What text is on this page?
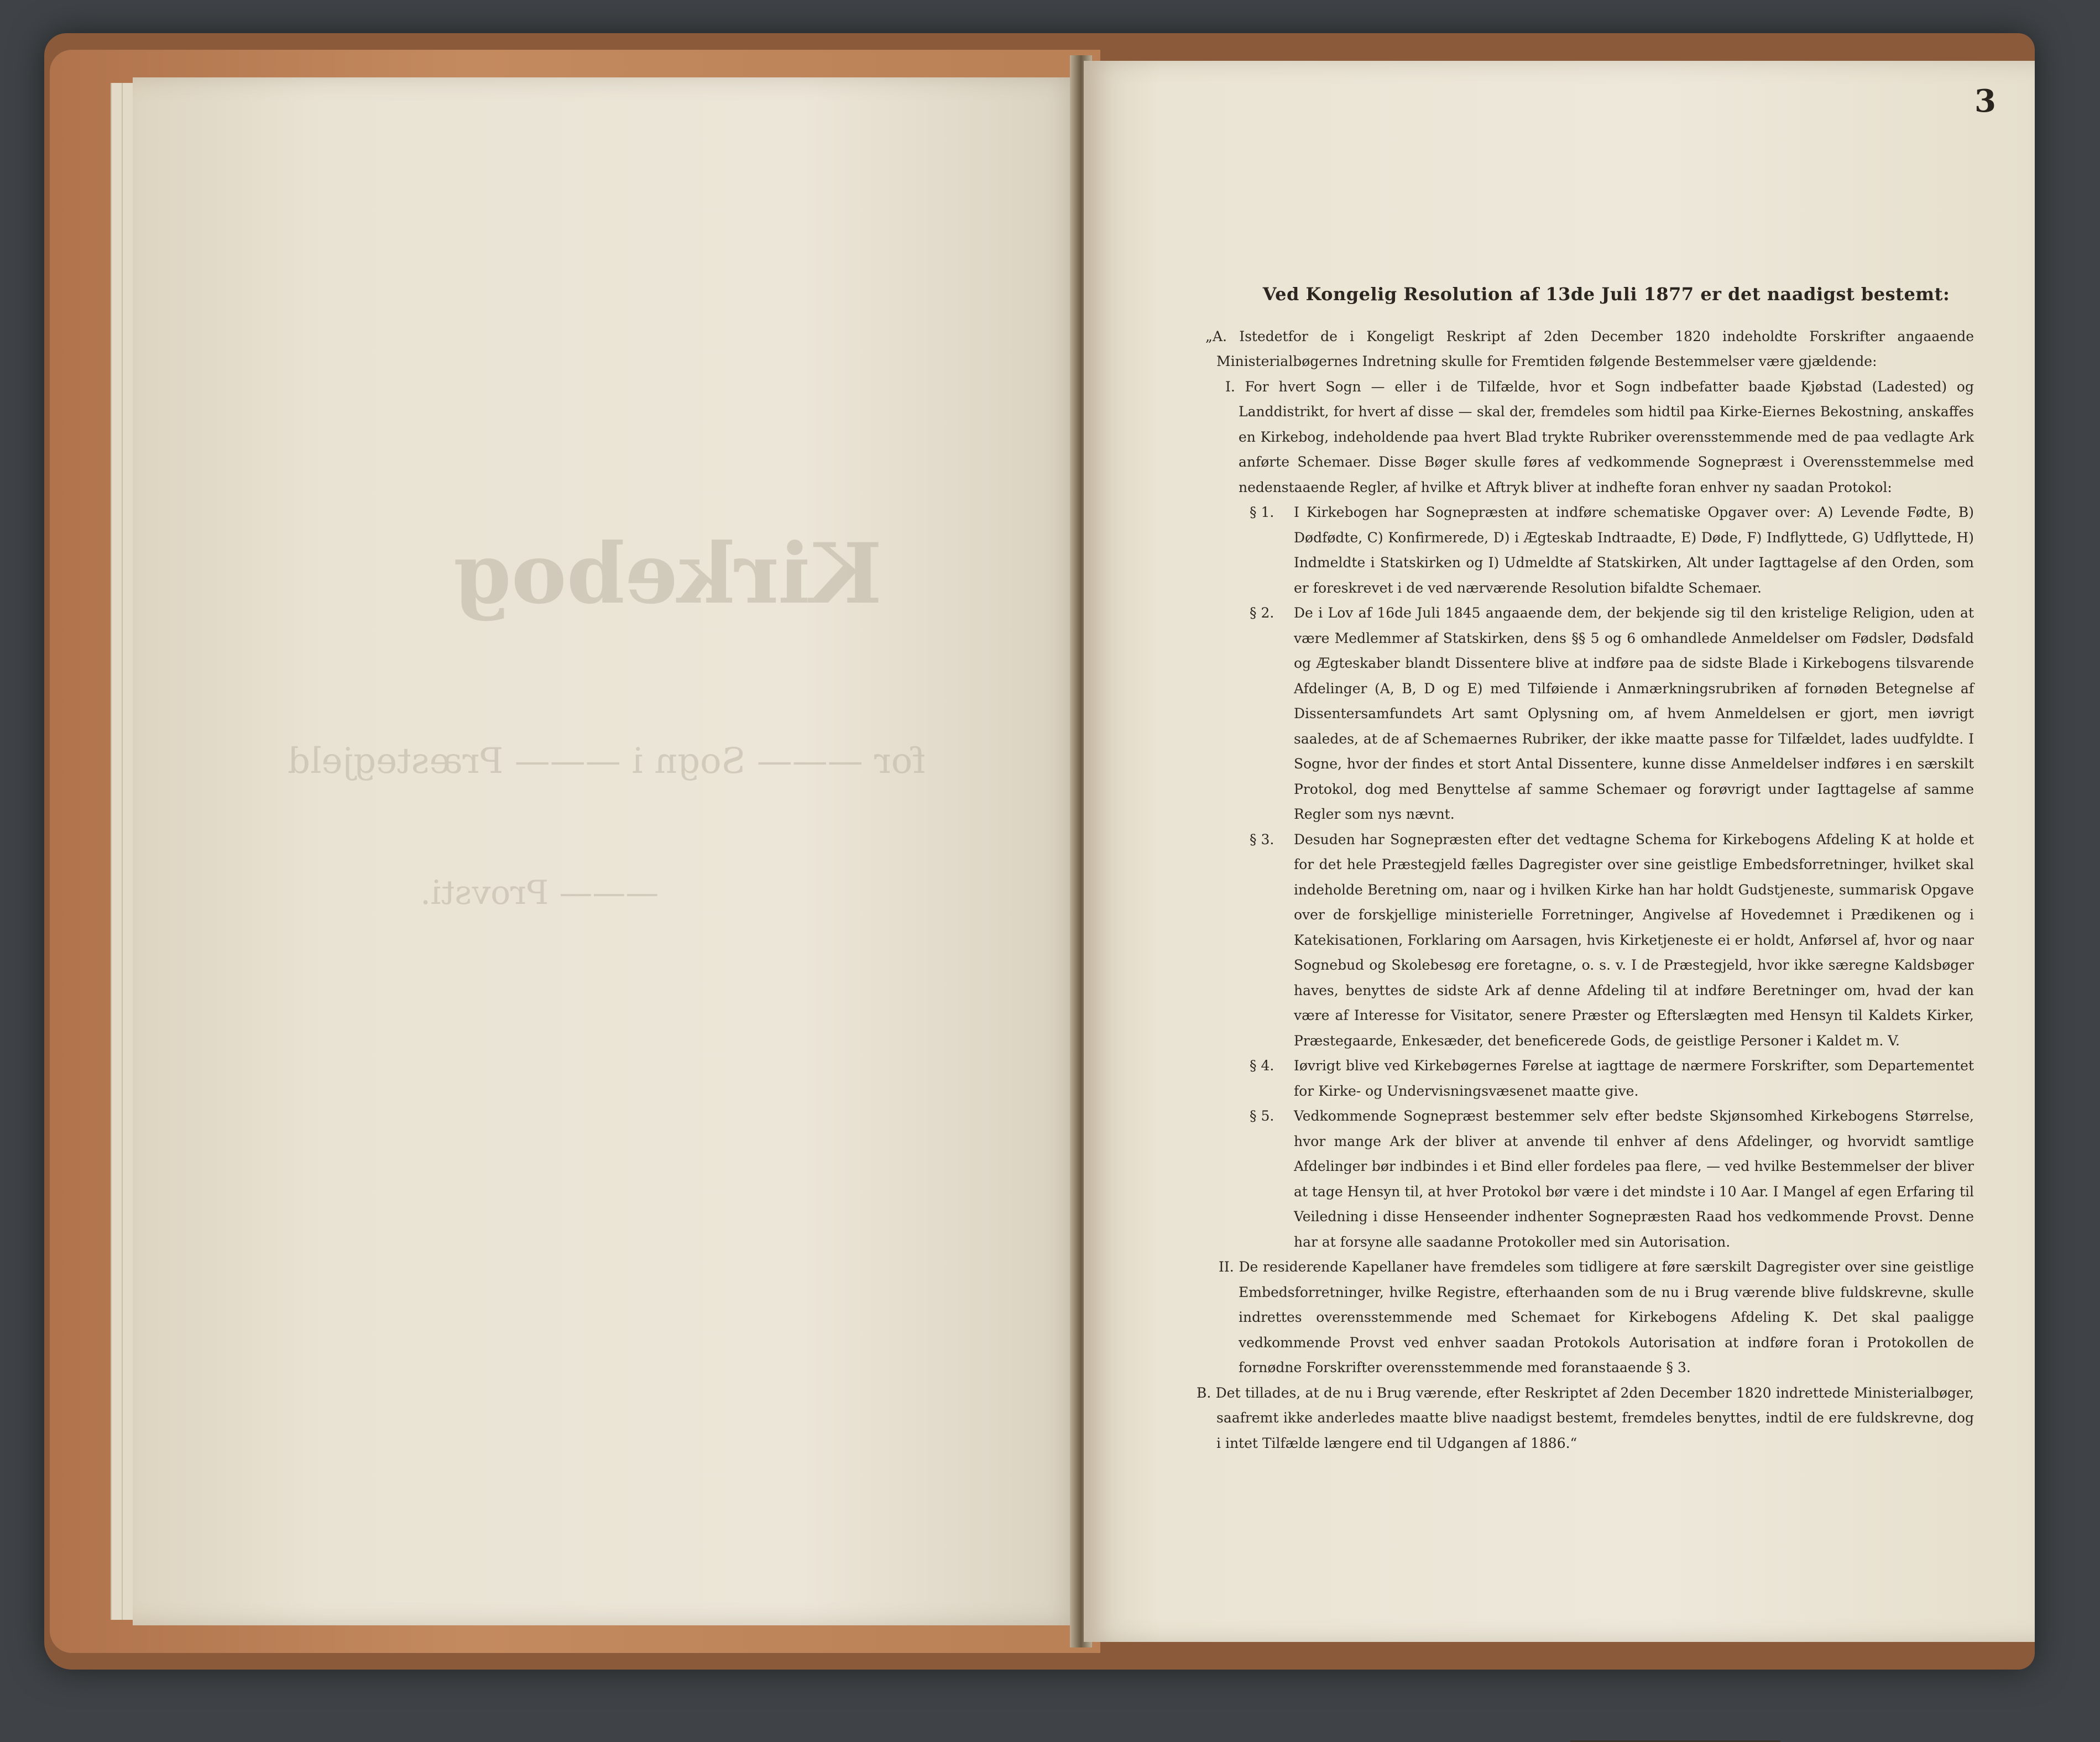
Kirkebog
for ——— Sogn i ——— Præstegjeld
——— Provsti.
3
Ved Kongelig Resolution af 13de Juli 1877 er det naadigst bestemt:

„A. Istedetfor de i Kongeligt Reskript af 2den December 1820 indeholdte Forskrifter angaaende Ministerialbøgernes Indretning skulle for Fremtiden følgende Bestemmelser være gjældende:

I. For hvert Sogn — eller i de Tilfælde, hvor et Sogn indbefatter baade Kjøbstad (Ladested) og Landdistrikt, for hvert af disse — skal der, fremdeles som hidtil paa Kirke-Eiernes Bekostning, anskaffes en Kirkebog, indeholdende paa hvert Blad trykte Rubriker overensstemmende med de paa vedlagte Ark anførte Schemaer. Disse Bøger skulle føres af vedkommende Sognepræst i Overensstemmelse med nedenstaaende Regler, af hvilke et Aftryk bliver at indhefte foran enhver ny saadan Protokol:

§ 1.	I Kirkebogen har Sognepræsten at indføre schematiske Opgaver over: A) Levende Fødte, B) Dødfødte, C) Konfirmerede, D) i Ægteskab Indtraadte, E) Døde, F) Indflyttede, G) Udflyttede, H) Indmeldte i Statskirken og I) Udmeldte af Statskirken, Alt under Iagttagelse af den Orden, som er foreskrevet i de ved nærværende Resolution bifaldte Schemaer.
§ 2.	De i Lov af 16de Juli 1845 angaaende dem, der bekjende sig til den kristelige Religion, uden at være Medlemmer af Statskirken, dens §§ 5 og 6 omhandlede Anmeldelser om Fødsler, Dødsfald og Ægteskaber blandt Dissentere blive at indføre paa de sidste Blade i Kirkebogens tilsvarende Afdelinger (A, B, D og E) med Tilføiende i Anmærkningsrubriken af fornøden Betegnelse af Dissentersamfundets Art samt Oplysning om, af hvem Anmeldelsen er gjort, men iøvrigt saaledes, at de af Schemaernes Rubriker, der ikke maatte passe for Tilfældet, lades uudfyldte. I Sogne, hvor der findes et stort Antal Dissentere, kunne disse Anmeldelser indføres i en særskilt Protokol, dog med Benyttelse af samme Schemaer og forøvrigt under Iagttagelse af samme Regler som nys nævnt.
§ 3.	Desuden har Sognepræsten efter det vedtagne Schema for Kirkebogens Afdeling K at holde et for det hele Præstegjeld fælles Dagregister over sine geistlige Embedsforretninger, hvilket skal indeholde Beretning om, naar og i hvilken Kirke han har holdt Gudstjeneste, summarisk Opgave over de forskjellige ministerielle Forretninger, Angivelse af Hovedemnet i Prædikenen og i Katekisationen, Forklaring om Aarsagen, hvis Kirketjeneste ei er holdt, Anførsel af, hvor og naar Sognebud og Skolebesøg ere foretagne, o. s. v. I de Præstegjeld, hvor ikke særegne Kaldsbøger haves, benyttes de sidste Ark af denne Afdeling til at indføre Beretninger om, hvad der kan være af Interesse for Visitator, senere Præster og Efterslægten med Hensyn til Kaldets Kirker, Præstegaarde, Enkesæder, det beneficerede Gods, de geistlige Personer i Kaldet m. V.
§ 4.	Iøvrigt blive ved Kirkebøgernes Førelse at iagttage de nærmere Forskrifter, som Departementet for Kirke- og Undervisningsvæsenet maatte give.
§ 5.	Vedkommende Sognepræst bestemmer selv efter bedste Skjønsomhed Kirkebogens Størrelse, hvor mange Ark der bliver at anvende til enhver af dens Afdelinger, og hvorvidt samtlige Afdelinger bør indbindes i et Bind eller fordeles paa flere, — ved hvilke Bestemmelser der bliver at tage Hensyn til, at hver Protokol bør være i det mindste i 10 Aar. I Mangel af egen Erfaring til Veiledning i disse Henseender indhenter Sognepræsten Raad hos vedkommende Provst. Denne har at forsyne alle saadanne Protokoller med sin Autorisation.

II. De residerende Kapellaner have fremdeles som tidligere at føre særskilt Dagregister over sine geistlige Embedsforretninger, hvilke Registre, efterhaanden som de nu i Brug værende blive fuldskrevne, skulle indrettes overensstemmende med Schemaet for Kirkebogens Afdeling K. Det skal paaligge vedkommende Provst ved enhver saadan Protokols Autorisation at indføre foran i Protokollen de fornødne Forskrifter overensstemmende med foranstaaende § 3.

B. Det tillades, at de nu i Brug værende, efter Reskriptet af 2den December 1820 indrettede Ministerialbøger, saafremt ikke anderledes maatte blive naadigst bestemt, fremdeles benyttes, indtil de ere fuldskrevne, dog i intet Tilfælde længere end til Udgangen af 1886.“
